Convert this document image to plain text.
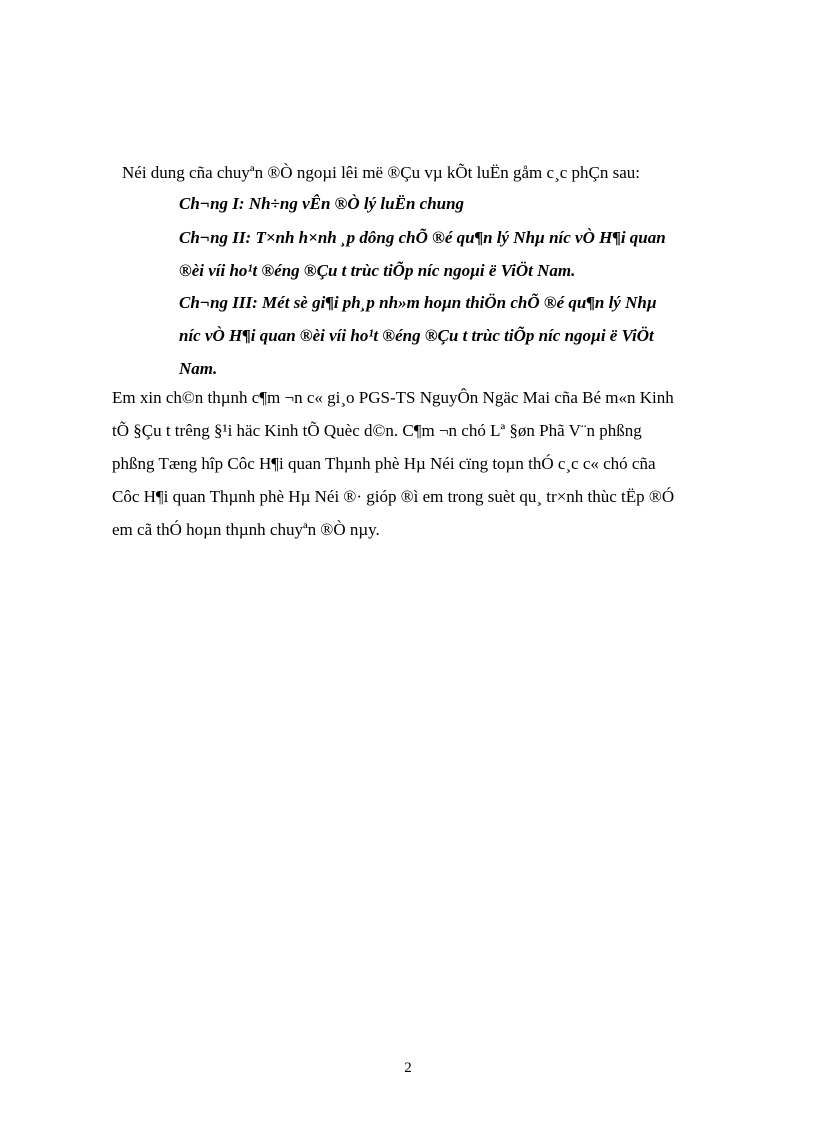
Néi dung cña chuyªn ®Ò ngoµi lêi më ®Çu vµ kÕt luËn gåm c¸c phÇn sau:
Ch¬ng I: Nh÷ng vÊn ®Ò lý luËn chung
Ch¬ng II: T×nh h×nh ¸p dông chÕ ®é qu¶n lý Nhµ níc vÒ H¶i quan
®èi víi ho¹t ®éng ®Çu t trùc tiÕp níc ngoµi ë ViÖt Nam.
Ch¬ng III: Mét sè gi¶i ph¸p nh»m hoµn thiÖn chÕ ®é qu¶n lý Nhµ
níc vÒ H¶i quan ®èi víi ho¹t ®éng ®Çu t trùc tiÕp níc ngoµi ë ViÖt
Nam.
Em xin ch©n thµnh c¶m ¬n c« gi¸o PGS-TS NguyÔn Ngäc Mai cña Bé m«n Kinh
tÕ §Çu t trêng §¹i häc Kinh tÕ Quèc d©n. C¶m ¬n chó Lª §øn Phã V¨n phßng
phßng Tæng hîp Côc H¶i quan Thµnh phè Hµ Néi cïng toµn thÓ c¸c c« chó cña
Côc H¶i quan Thµnh phè Hµ Néi ®· gióp ®ì em trong suèt qu¸ tr×nh thùc tËp ®Ó
em cã thÓ hoµn thµnh chuyªn ®Ò nµy.
2
